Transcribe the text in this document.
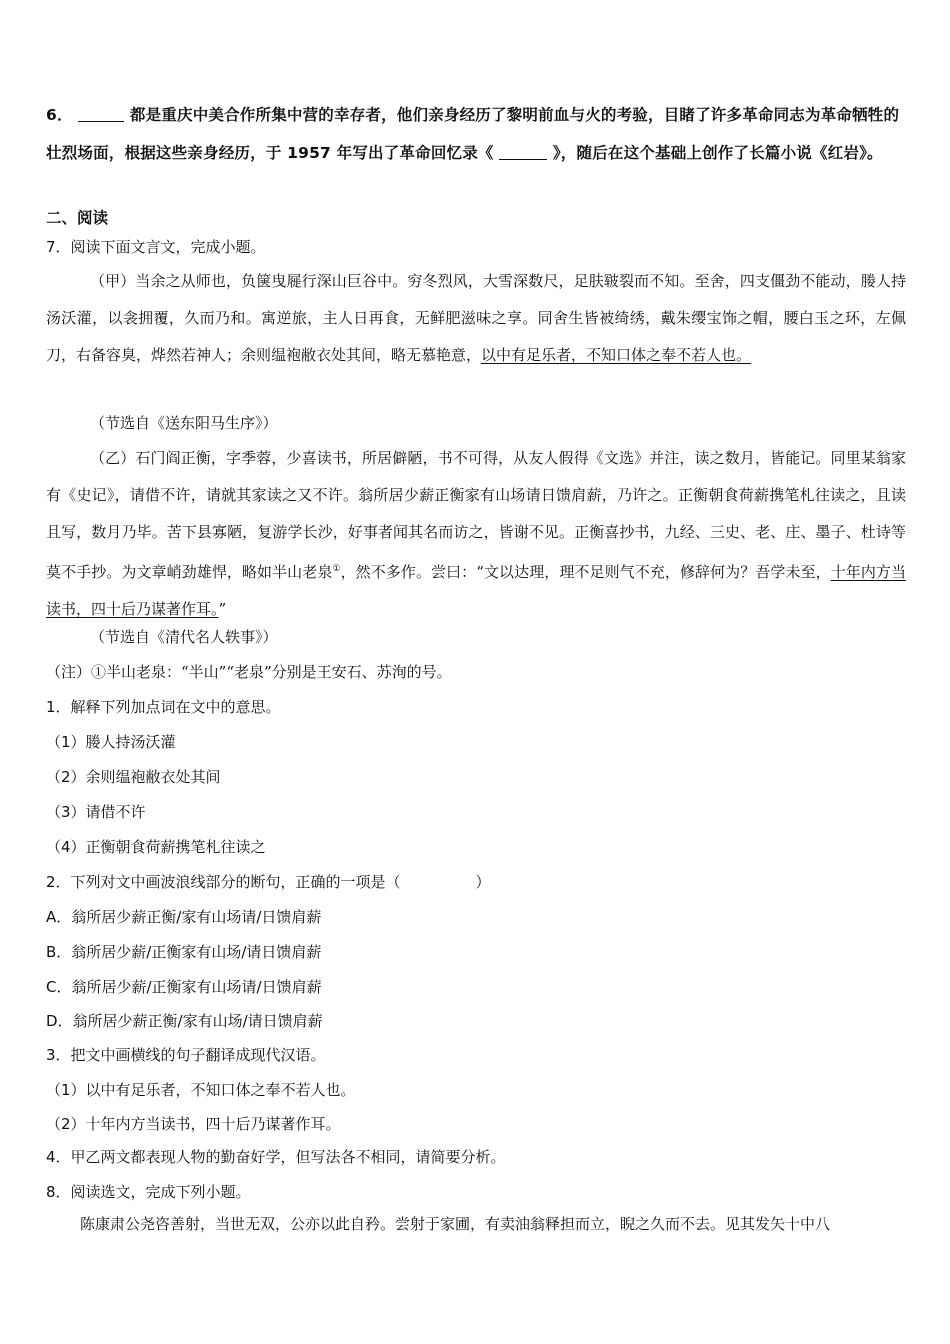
6．	都是重庆中美合作所集中营的幸存者，他们亲身经历了黎明前血与火的考验，目睹了许多革命同志为革命牺牲的壮烈场面，根据这些亲身经历，于 1957 年写出了革命回忆录《	》，随后在这个基础上创作了长篇小说《红岩》。
二、阅读
7．阅读下面文言文，完成小题。
（甲）当余之从师也，负箧曳屣行深山巨谷中。穷冬烈风，大雪深数尺，足肤皲裂而不知。至舍，四支僵劲不能动，媵人持汤沃灌，以衾拥覆，久而乃和。寓逆旅，主人日再食，无鲜肥滋味之享。同舍生皆被绮绣，戴朱缨宝饰之帽，腰白玉之环，左佩刀，右备容臭，烨然若神人；余则缊袍敝衣处其间，略无慕艳意，以中有足乐者，不知口体之奉不若人也。
（节选自《送东阳马生序》）
（乙）石门阎正衡，字季蓉，少喜读书，所居僻陋，书不可得，从友人假得《文选》并注，读之数月，皆能记。同里某翁家有《史记》，请借不许，请就其家读之又不许。翁所居少薪正衡家有山场请日馈肩薪，乃许之。正衡朝食荷薪携笔札往读之，且读且写，数月乃毕。苦下县寡陋，复游学长沙，好事者闻其名而访之，皆谢不见。正衡喜抄书，九经、三史、老、庄、墨子、杜诗等莫不手抄。为文章峭劲雄悍，略如半山老泉①，然不多作。尝曰：“文以达理，理不足则气不充，修辞何为？吾学未至，十年内方当读书，四十后乃谋著作耳。”
（节选自《清代名人轶事》）
（注）①半山老泉：“半山”“老泉”分别是王安石、苏洵的号。
1．解释下列加点词在文中的意思。
（1）媵人持汤沃灌
（2）余则缊袍敝衣处其间
（3）请借不许
（4）正衡朝食荷薪携笔札往读之
2．下列对文中画波浪线部分的断句，正确的一项是（　　　　　）
A．翁所居少薪正衡/家有山场请/日馈肩薪
B．翁所居少薪/正衡家有山场/请日馈肩薪
C．翁所居少薪/正衡家有山场请/日馈肩薪
D．翁所居少薪正衡/家有山场/请日馈肩薪
3．把文中画横线的句子翻译成现代汉语。
（1）以中有足乐者，不知口体之奉不若人也。
（2）十年内方当读书，四十后乃谋著作耳。
4．甲乙两文都表现人物的勤奋好学，但写法各不相同，请简要分析。
8．阅读选文，完成下列小题。
陈康肃公尧咨善射，当世无双，公亦以此自矜。尝射于家圃，有卖油翁释担而立，睨之久而不去。见其发矢十中八
